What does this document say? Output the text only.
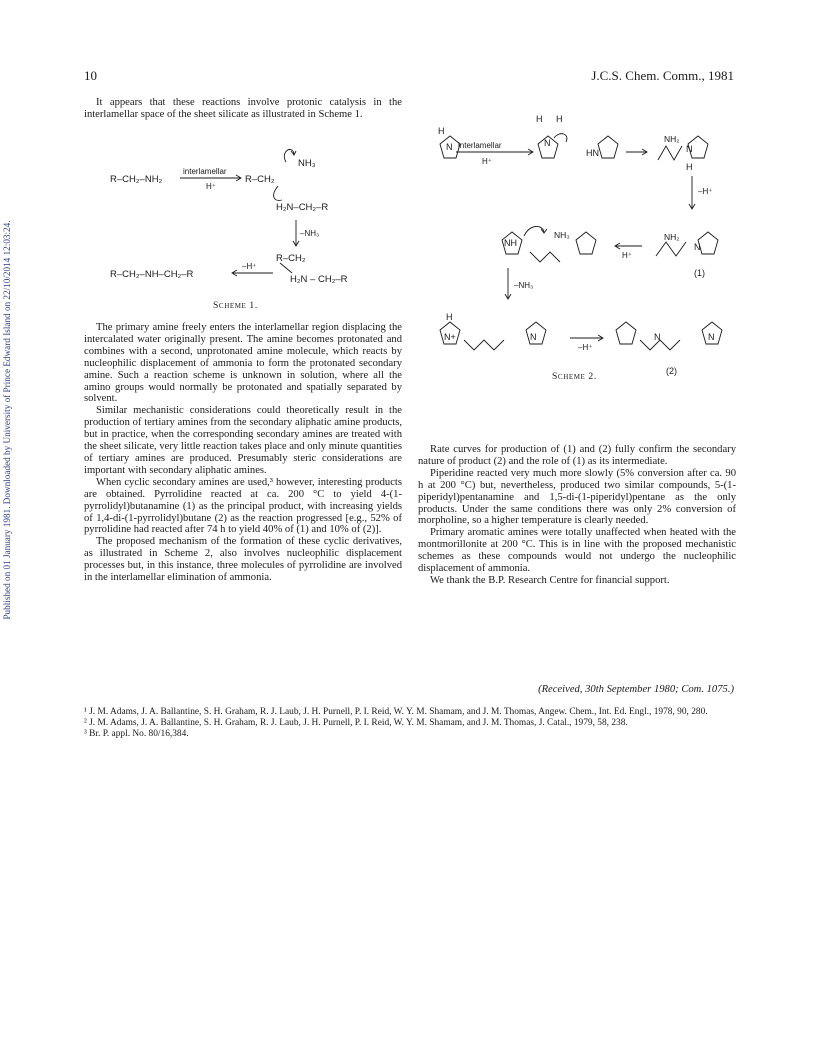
Published on 01 January 1981. Downloaded by University of Prince Edward Island on 22/10/2014 12:03:24.
10	J.C.S. Chem. Comm., 1981

It appears that these reactions involve protonic catalysis in the interlamellar space of the sheet silicate as illustrated in Scheme 1.

R–CH₂–NH₂
interlamellar
H⁺
R–CH₂
NH₃
H₂N–CH₂–R
–NH₃
R–CH₂
H₂N – CH₂–R
–H⁺
R–CH₂–NH–CH₂–R
Scheme 1.

The primary amine freely enters the interlamellar region displacing the intercalated water originally present. The amine becomes protonated and combines with a second, unprotonated amine molecule, which reacts by nucleophilic displacement of ammonia to form the protonated secondary amine. Such a reaction scheme is unknown in solution, where all the amino groups would normally be protonated and spatially separated by solvent.

Similar mechanistic considerations could theoretically result in the production of tertiary amines from the secondary aliphatic amine products, but in practice, when the corresponding secondary amines are treated with the sheet silicate, very little reaction takes place and only minute quantities of tertiary amines are produced. Presumably steric considerations are important with secondary aliphatic amines.

When cyclic secondary amines are used,³ however, interesting products are obtained. Pyrrolidine reacted at ca. 200 °C to yield 4-(1-pyrrolidyl)butanamine (1) as the principal product, with increasing yields of 1,4-di-(1-pyrrolidyl)butane (2) as the reaction progressed [e.g., 52% of pyrrolidine had reacted after 74 h to yield 40% of (1) and 10% of (2)].

The proposed mechanism of the formation of these cyclic derivatives, as illustrated in Scheme 2, also involves nucleophilic displacement processes but, in this instance, three molecules of pyrrolidine are involved in the interlamellar elimination of ammonia.

H
N interlamellar
H⁺
H H
N
HN
NH₂
N
H
–H⁺
NH
NH₃
H⁺
NH₂
N
(1)
–NH₃
H
N+	N
–H⁺
N	N
(2)
Scheme 2.

Rate curves for production of (1) and (2) fully confirm the secondary nature of product (2) and the role of (1) as its intermediate.

Piperidine reacted very much more slowly (5% conversion after ca. 90 h at 200 °C) but, nevertheless, produced two similar compounds, 5-(1-piperidyl)pentanamine and 1,5-di-(1-piperidyl)pentane as the only products. Under the same conditions there was only 2% conversion of morpholine, so a higher temperature is clearly needed.

Primary aromatic amines were totally unaffected when heated with the montmorillonite at 200 °C. This is in line with the proposed mechanistic schemes as these compounds would not undergo the nucleophilic displacement of ammonia.

We thank the B.P. Research Centre for financial support.

(Received, 30th September 1980; Com. 1075.)

¹ J. M. Adams, J. A. Ballantine, S. H. Graham, R. J. Laub, J. H. Purnell, P. I. Reid, W. Y. M. Shamam, and J. M. Thomas, Angew. Chem., Int. Ed. Engl., 1978, 90, 280.

² J. M. Adams, J. A. Ballantine, S. H. Graham, R. J. Laub, J. H. Purnell, P. I. Reid, W. Y. M. Shamam, and J. M. Thomas, J. Catal., 1979, 58, 238.

³ Br. P. appl. No. 80/16,384.
